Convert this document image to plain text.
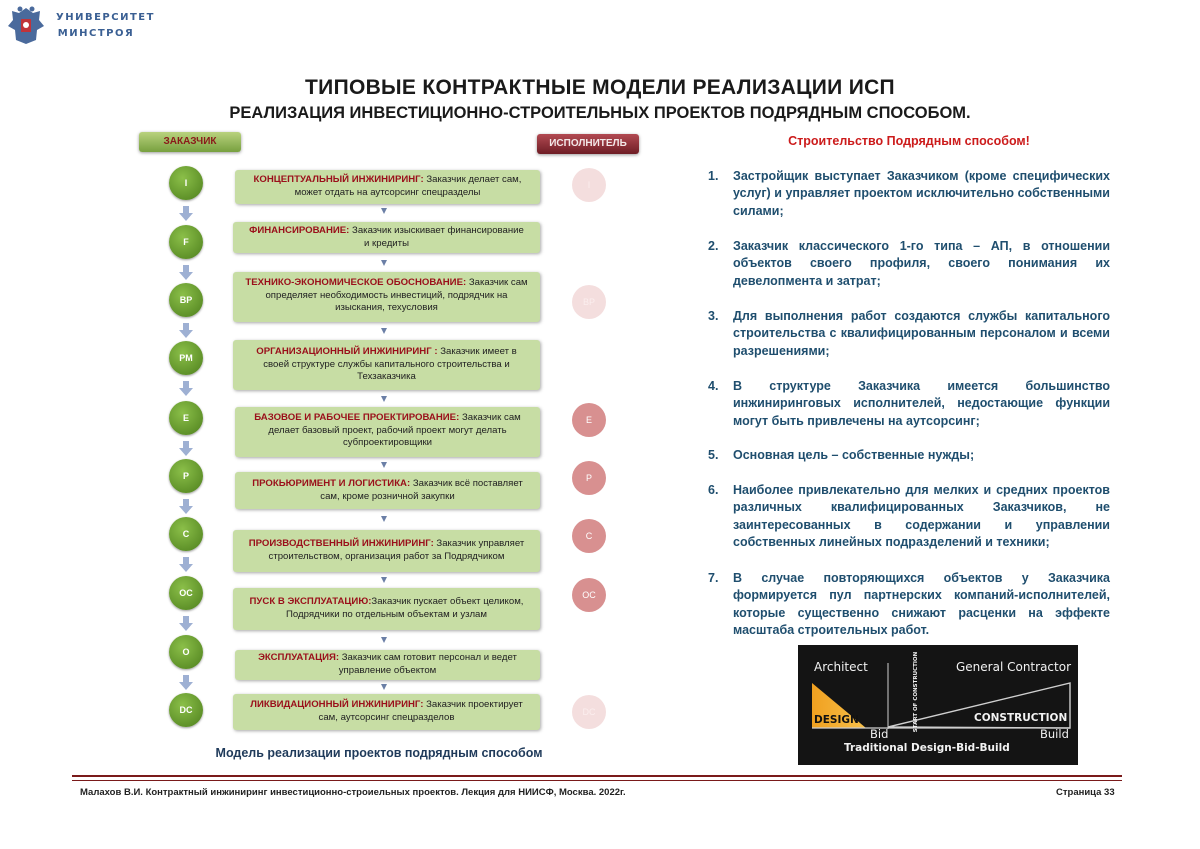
УНИВЕРСИТЕТ
МИНСТРОЯ
ТИПОВЫЕ КОНТРАКТНЫЕ МОДЕЛИ РЕАЛИЗАЦИИ ИСП
РЕАЛИЗАЦИЯ ИНВЕСТИЦИОННО-СТРОИТЕЛЬНЫХ ПРОЕКТОВ ПОДРЯДНЫМ СПОСОБОМ.
ЗАКАЗЧИК	ИСПОЛНИТЕЛЬ
I
F
BP
PM
E
P
C
OC
O
DC
I
BP
E
P
C
OC
DC
КОНЦЕПТУАЛЬНЫЙ ИНЖИНИРИНГ: Заказчик делает сам,
может отдать на аутсорсинг спецразделы
ФИНАНСИРОВАНИЕ: Заказчик изыскивает финансирование
и кредиты
ТЕХНИКО-ЭКОНОМИЧЕСКОЕ ОБОСНОВАНИЕ: Заказчик сам
определяет необходимость инвестиций, подрядчик на
изыскания, техусловия
ОРГАНИЗАЦИОННЫЙ ИНЖИНИРИНГ : Заказчик имеет в
своей структуре службы капитального строительства и
Техзаказчика
БАЗОВОЕ И РАБОЧЕЕ ПРОЕКТИРОВАНИЕ: Заказчик сам
делает базовый проект, рабочий проект могут делать
субпроектировщики
ПРОКЬЮРИМЕНТ И ЛОГИСТИКА: Заказчик всё поставляет
сам, кроме розничной закупки
ПРОИЗВОДСТВЕННЫЙ ИНЖИНИРИНГ: Заказчик управляет
строительством, организация работ за Подрядчиком
ПУСК В ЭКСПЛУАТАЦИЮ:Заказчик пускает объект целиком,
Подрядчики по отдельным объектам и узлам
ЭКСПЛУАТАЦИЯ: Заказчик сам готовит персонал и ведет
управление объектом
ЛИКВИДАЦИОННЫЙ ИНЖИНИРИНГ: Заказчик проектирует
сам, аутсорсинг спецразделов
Модель реализации проектов подрядным способом
Строительство Подрядным способом!
1. Застройщик выступает Заказчиком (кроме специфических услуг) и управляет проектом исключительно собственными силами;
2. Заказчик классического 1-го типа – АП, в отношении объектов своего профиля, своего понимания их девелопмента и затрат;
3. Для выполнения работ создаются службы капитального строительства с квалифицированным персоналом и всеми разрешениями;
4. В структуре Заказчика имеется большинство инжиниринговых исполнителей, недостающие функции могут быть привлечены на аутсорсинг;
5. Основная цель – собственные нужды;
6. Наиболее привлекательно для мелких и средних проектов различных квалифицированных Заказчиков, не заинтересованных в содержании и управлении собственных линейных подразделений и техники;
7. В случае повторяющихся объектов у Заказчика формируется пул партнерских компаний-исполнителей, которые существенно снижают расценки на эффекте масштаба строительных работ.
Architect	General Contractor
DESIGN	CONSTRUCTION
Bid	Build
Traditional Design-Bid-Build
START OF CONSTRUCTION
Малахов В.И. Контрактный инжиниринг инвестиционно-строиельных проектов. Лекция для НИИСФ, Москва. 2022г.	Страница 33
